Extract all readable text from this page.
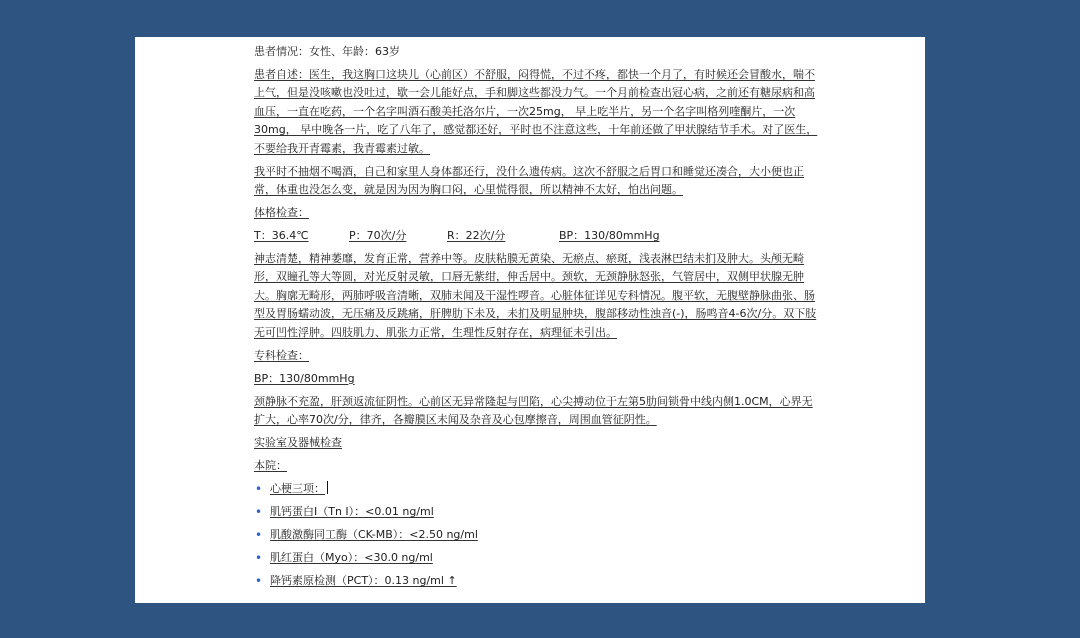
患者情况：女性、年龄：63岁

患者自述：医生，我这胸口这块儿（心前区）不舒服，闷得慌，不过不疼，都快一个月了，有时候还会冒酸水，喘不上气，但是没咳嗽也没吐过，歇一会儿能好点，手和脚这些都没力气。一个月前检查出冠心病，之前还有糖尿病和高血压，一直在吃药，一个名字叫酒石酸美托洛尔片，一次25mg， 早上吃半片，另一个名字叫格列喹酮片，一次30mg， 早中晚各一片，吃了八年了，感觉都还好，平时也不注意这些，十年前还做了甲状腺结节手术。对了医生，不要给我开青霉素，我青霉素过敏。

我平时不抽烟不喝酒，自己和家里人身体都还行，没什么遗传病。这次不舒服之后胃口和睡觉还凑合，大小便也正常，体重也没怎么变，就是因为因为胸口闷，心里慌得很，所以精神不太好，怕出问题。

体格检查：

T：36.4℃	P：70次/分	R：22次/分	BP：130/80mmHg

神志清楚，精神萎靡，发育正常，营养中等。皮肤粘膜无黄染、无瘀点、瘀斑，浅表淋巴结未扪及肿大。头颅无畸形，双瞳孔等大等圆，对光反射灵敏，口唇无紫绀，伸舌居中。颈软，无颈静脉怒张，气管居中，双侧甲状腺无肿大。胸廓无畸形，两肺呼吸音清晰，双肺未闻及干湿性啰音。心脏体征详见专科情况。腹平软，无腹壁静脉曲张、肠型及胃肠蠕动波，无压痛及反跳痛，肝脾肋下未及，未扪及明显肿块，腹部移动性浊音(-)，肠鸣音4-6次/分。双下肢无可凹性浮肿。四肢肌力、肌张力正常，生理性反射存在，病理征未引出。

专科检查：

BP：130/80mmHg

颈静脉不充盈，肝颈返流征阴性。心前区无异常隆起与凹陷，心尖搏动位于左第5肋间锁骨中线内侧1.0CM，心界无扩大，心率70次/分，律齐，各瓣膜区未闻及杂音及心包摩擦音，周围血管征阴性。

实验室及器械检查

本院：

• 心梗三项：
• 肌钙蛋白I（Tn I）：<0.01 ng/ml
• 肌酸激酶同工酶（CK-MB）：<2.50 ng/ml
• 肌红蛋白（Myo）：<30.0 ng/ml
• 降钙素原检测（PCT）：0.13 ng/ml ↑
